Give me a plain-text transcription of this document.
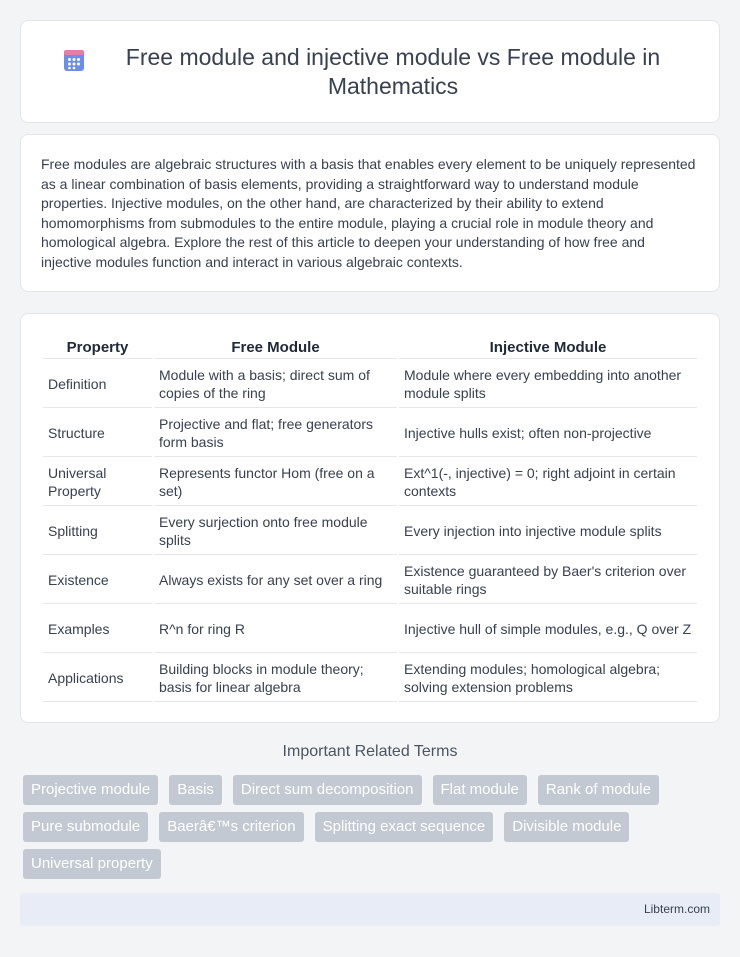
Free module and injective module vs Free module in Mathematics

Free modules are algebraic structures with a basis that enables every element to be uniquely represented as a linear combination of basis elements, providing a straightforward way to understand module properties. Injective modules, on the other hand, are characterized by their ability to extend homomorphisms from submodules to the entire module, playing a crucial role in module theory and homological algebra. Explore the rest of this article to deepen your understanding of how free and injective modules function and interact in various algebraic contexts.

Property	Free Module	Injective Module
Definition	Module with a basis; direct sum of copies of the ring	Module where every embedding into another module splits
Structure	Projective and flat; free generators form basis	Injective hulls exist; often non-projective
Universal Property	Represents functor Hom (free on a set)	Ext^1(-, injective) = 0; right adjoint in certain contexts
Splitting	Every surjection onto free module splits	Every injection into injective module splits
Existence	Always exists for any set over a ring	Existence guaranteed by Baer's criterion over suitable rings
Examples	R^n for ring R	Injective hull of simple modules, e.g., Q over Z
Applications	Building blocks in module theory; basis for linear algebra	Extending modules; homological algebra; solving extension problems
Important Related Terms
Projective module	Basis	Direct sum decomposition	Flat module	Rank of module
Pure submodule	Baerâ€™s criterion	Splitting exact sequence	Divisible module
Universal property
Libterm.com
